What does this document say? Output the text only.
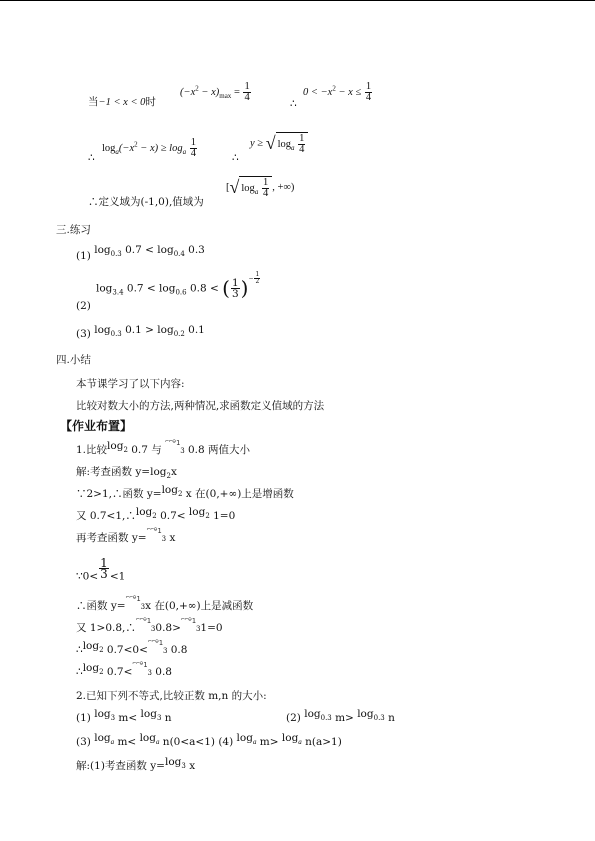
当−1 < x < 0时
$(-x^2 - x)_{max} = \frac{1}{4}$
∴
$0 < -x^2 - x \le \frac{1}{4}$
∴
$\log_a(-x^2 - x) \ge \log_a \frac{1}{4}$	∴
y ≥ √ $\log_a \frac{1}{4}$
∴定义域为(-1,0),值域为
[√ $\log_a \frac{1}{4}$ , +∞)
三.练习
(1) $\log_{0.3} 0.7 < \log_{0.4} 0.3$
(2)
$\log_{3.4} 0.7 < \log_{0.6} 0.8$ < ( $\frac{1}{3} )^{- \frac{1}{2}}$
(3) $\log_{0.3} 0.1 > \log_{0.2} 0.1$
四.小结
本节课学习了以下内容:
比较对数大小的方法,两种情况,求函数定义值域的方法
【作业布置】
1.比较$\log_2 0.7$ 与 $^{⌐⌐⊖_1}$3 0.8 两值大小
解:考查函数 $y=\log_2x$
∵2>1,∴函数 $y=\log_2$ x 在(0,+∞)上是增函数
又 $0.7<1,\therefore\log_2$ $0.7< \log_2 1=0$
再考查函数 y=$^{⌐⌐⊖_1}$3 x
∵0< $\frac{1}{3} <1$
∴函数 y=$^{⌐⌐⊖_1}$3x 在(0,+∞)上是减函数
又 1>0.8,∴$^{⌐⌐⊖_1}$30.8>$^{⌐⌐⊖_1}$31=0
$\therefore\log_2$ 0.7<0<$^{⌐⌐⊖_1}$3 0.8
$\therefore\log_2$ 0.7<$^{⌐⌐⊖_1}$3 0.8
2.已知下列不等式,比较正数 m,n 的大小:
(1) $\log_3 m< \log_3 n$	(2) $\log_{0.3} m> \log_{0.3} n$
(3) $\log_a m< \log_a n(0<a<1)$ (4) $\log_a m> \log_a n(a>1)$
解:(1)考查函数 $y=\log_3$ x
